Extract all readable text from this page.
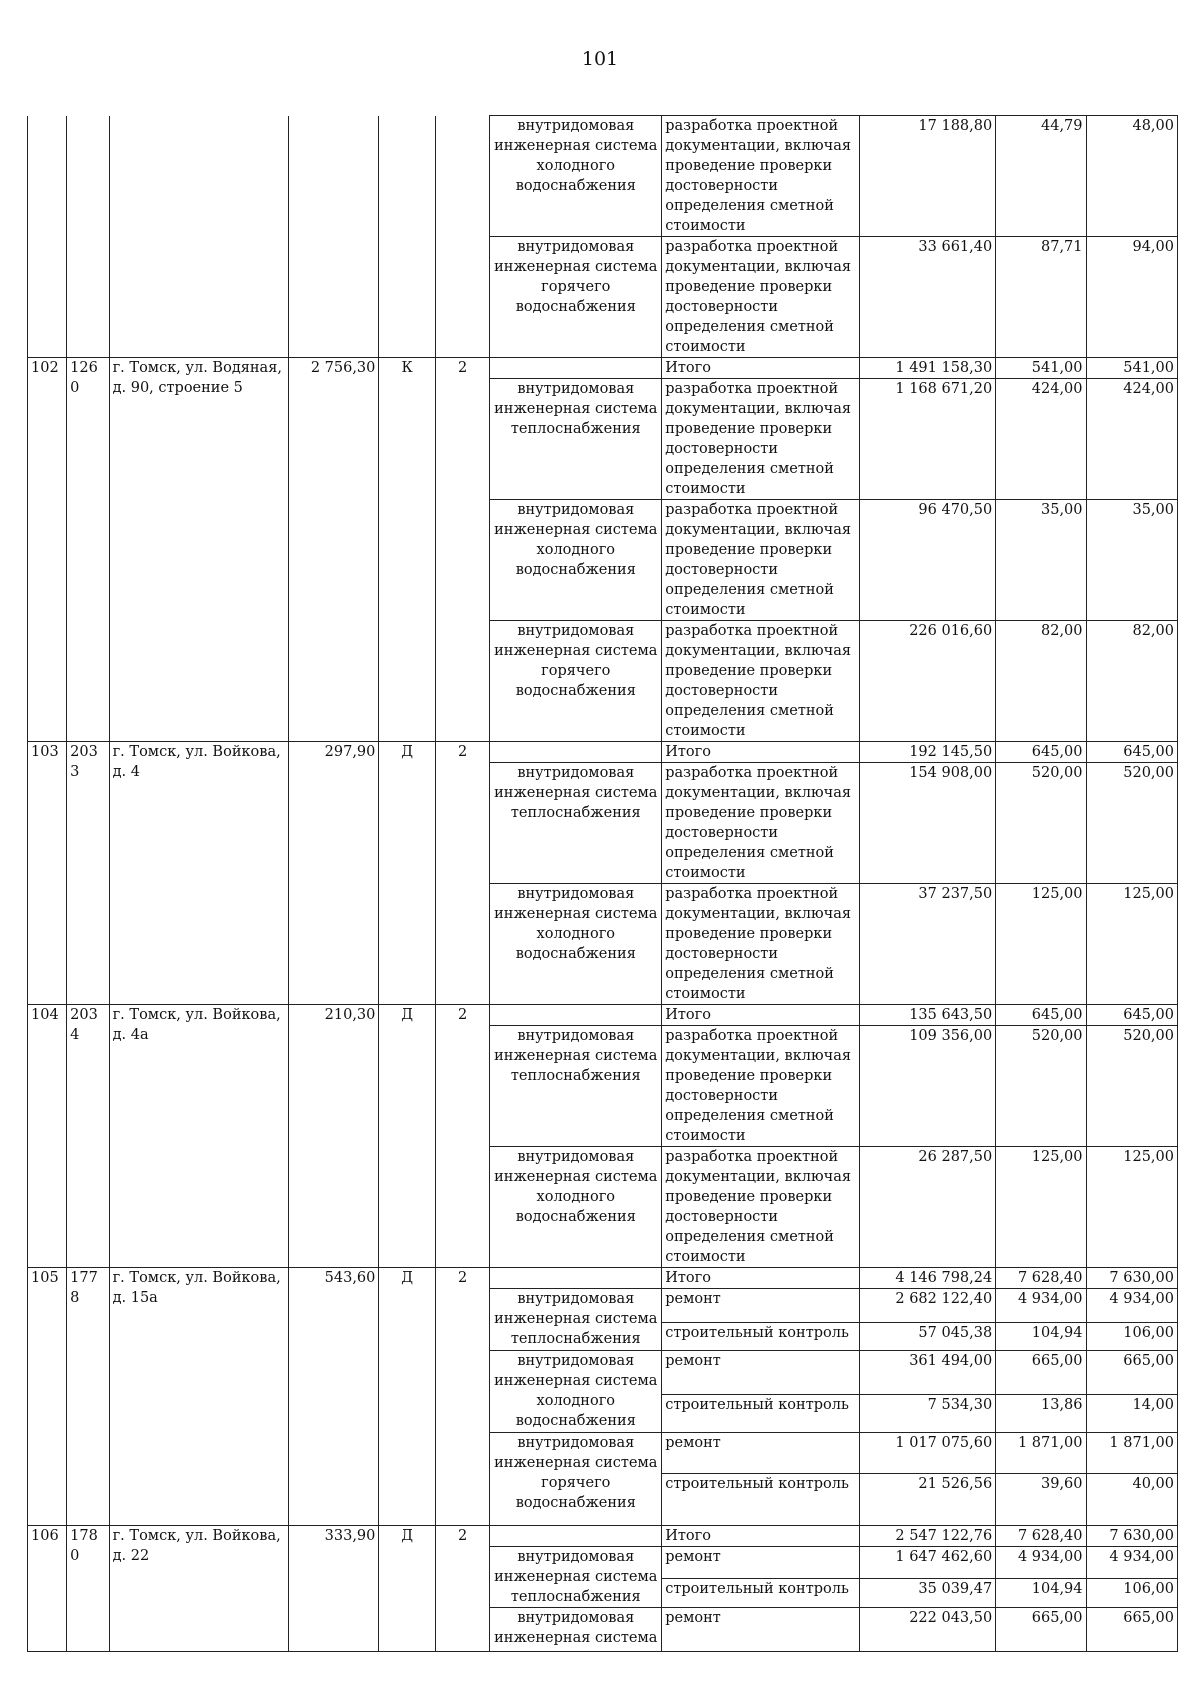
101
						внутридомовая инженерная система холодного водоснабжения	разработка проектной документации, включая проведение проверки достоверности определения сметной стоимости	17 188,80	44,79	48,00
						внутридомовая инженерная система горячего водоснабжения	разработка проектной документации, включая проведение проверки достоверности определения сметной стоимости	33 661,40	87,71	94,00
102	1260	г. Томск, ул. Водяная, д. 90, строение 5	2 756,30	К	2		Итого	1 491 158,30	541,00	541,00
						внутридомовая инженерная система теплоснабжения	разработка проектной документации, включая проведение проверки достоверности определения сметной стоимости	1 168 671,20	424,00	424,00
						внутридомовая инженерная система холодного водоснабжения	разработка проектной документации, включая проведение проверки достоверности определения сметной стоимости	96 470,50	35,00	35,00
						внутридомовая инженерная система горячего водоснабжения	разработка проектной документации, включая проведение проверки достоверности определения сметной стоимости	226 016,60	82,00	82,00
103	2033	г. Томск, ул. Войкова, д. 4	297,90	Д	2		Итого	192 145,50	645,00	645,00
						внутридомовая инженерная система теплоснабжения	разработка проектной документации, включая проведение проверки достоверности определения сметной стоимости	154 908,00	520,00	520,00
						внутридомовая инженерная система холодного водоснабжения	разработка проектной документации, включая проведение проверки достоверности определения сметной стоимости	37 237,50	125,00	125,00
104	2034	г. Томск, ул. Войкова, д. 4а	210,30	Д	2		Итого	135 643,50	645,00	645,00
						внутридомовая инженерная система теплоснабжения	разработка проектной документации, включая проведение проверки достоверности определения сметной стоимости	109 356,00	520,00	520,00
						внутридомовая инженерная система холодного водоснабжения	разработка проектной документации, включая проведение проверки достоверности определения сметной стоимости	26 287,50	125,00	125,00
105	1778	г. Томск, ул. Войкова, д. 15а	543,60	Д	2		Итого	4 146 798,24	7 628,40	7 630,00
						внутридомовая инженерная система теплоснабжения	ремонт	2 682 122,40	4 934,00	4 934,00
							строительный контроль	57 045,38	104,94	106,00
						внутридомовая инженерная система холодного водоснабжения	ремонт	361 494,00	665,00	665,00
							строительный контроль	7 534,30	13,86	14,00
						внутридомовая инженерная система горячего водоснабжения	ремонт	1 017 075,60	1 871,00	1 871,00
							строительный контроль	21 526,56	39,60	40,00
106	1780	г. Томск, ул. Войкова, д. 22	333,90	Д	2		Итого	2 547 122,76	7 628,40	7 630,00
						внутридомовая инженерная система теплоснабжения	ремонт	1 647 462,60	4 934,00	4 934,00
							строительный контроль	35 039,47	104,94	106,00
						внутридомовая инженерная система	ремонт	222 043,50	665,00	665,00
